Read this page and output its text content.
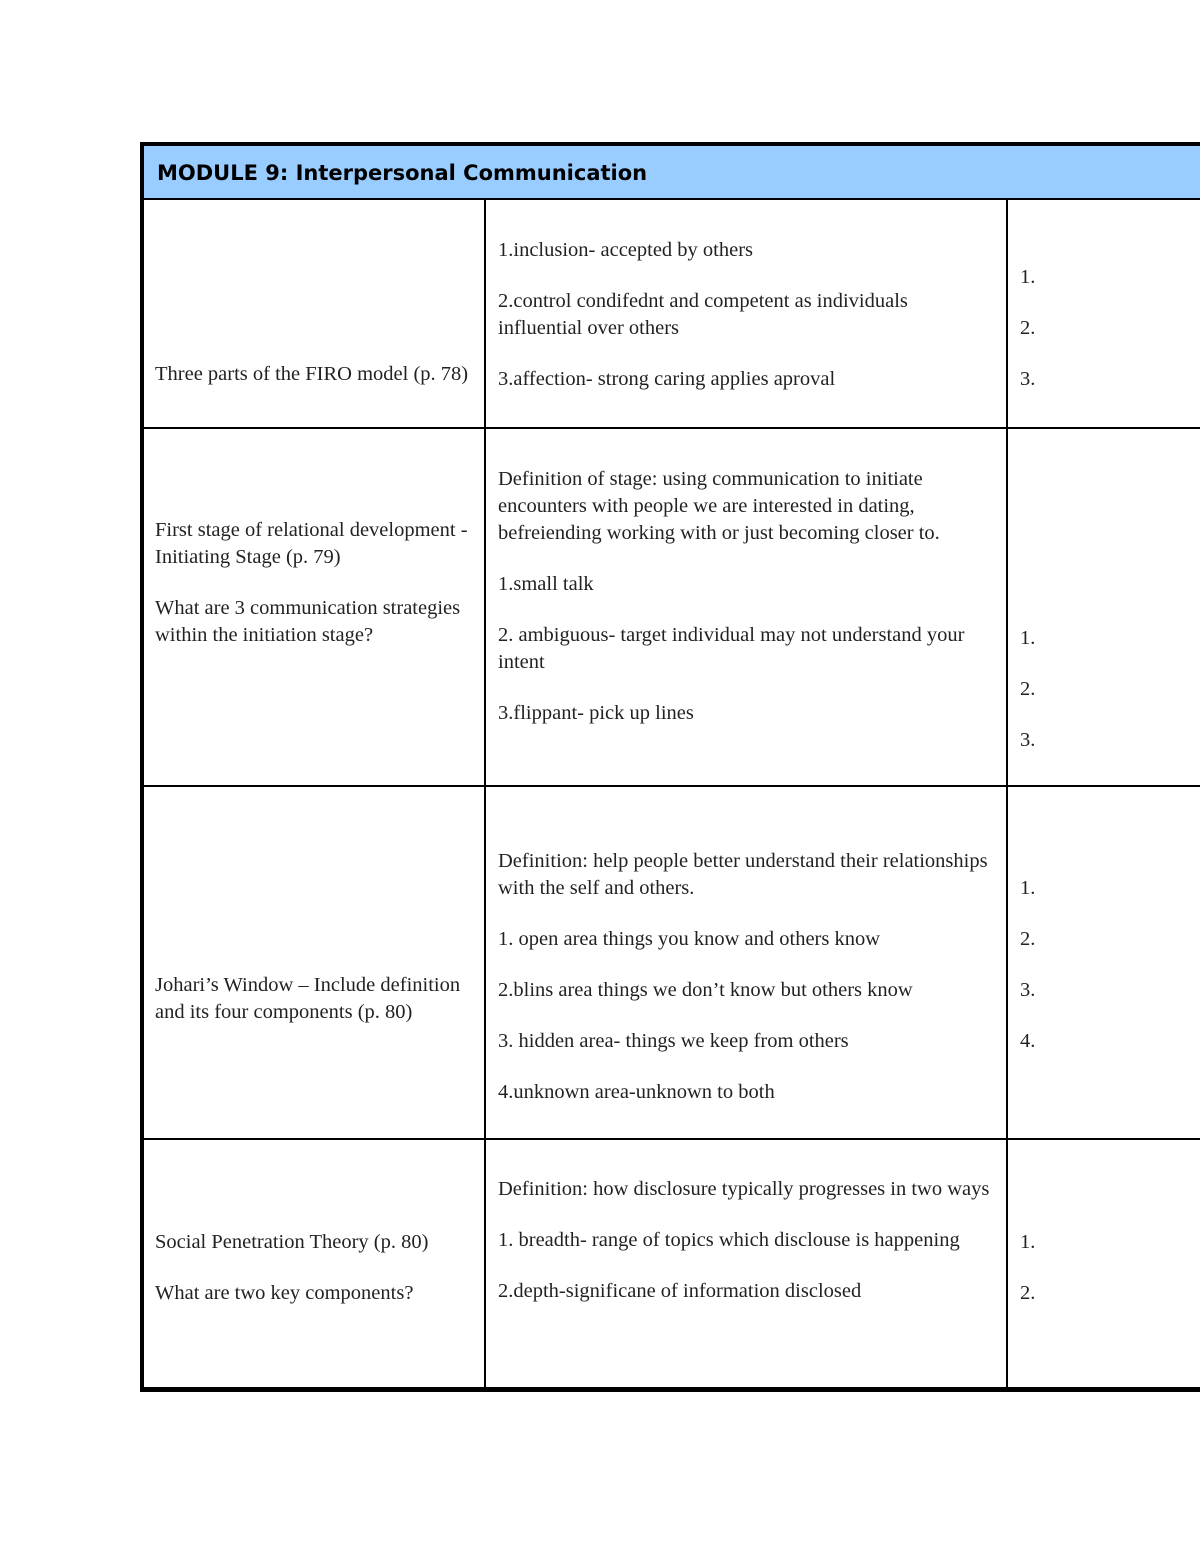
MODULE 9: Interpersonal Communication

Three parts of the FIRO model (p. 78)

1.inclusion- accepted by others

2.control condifednt and competent as individuals influential over others

3.affection- strong caring applies aproval

1.

2.

3.

First stage of relational development - Initiating Stage (p. 79)

What are 3 communication strategies within the initiation stage?

Definition of stage: using communication to initiate encounters with people we are interested in dating, befreiending working with or just becoming closer to.

1.small talk

2. ambiguous- target individual may not understand your intent

3.flippant- pick up lines

1.

2.

3.

Johari’s Window – Include definition and its four components (p. 80)

Definition: help people better understand their relationships with the self and others.

1. open area things you know and others know

2.blins area things we don’t know but others know

3. hidden area- things we keep from others

4.unknown area-unknown to both

1.

2.

3.

4.

Social Penetration Theory (p. 80)

What are two key components?

Definition: how disclosure typically progresses in two ways

1. breadth- range of topics which disclouse is happening

2.depth-significane of information disclosed

1.

2.
